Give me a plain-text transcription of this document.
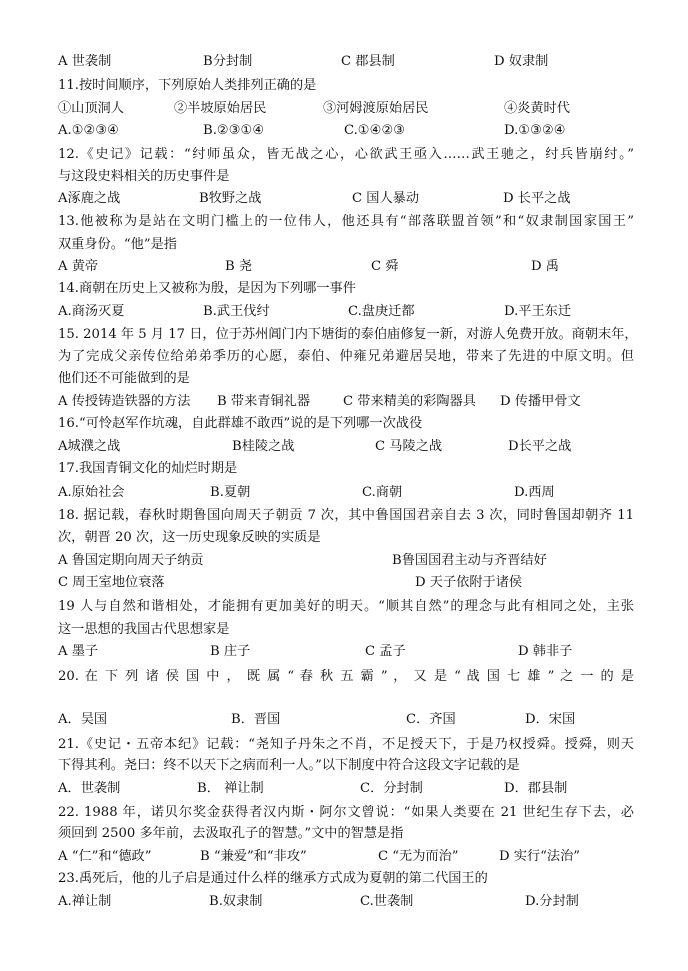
A 世袭制	B分封制	C 郡县制	D 奴隶制
11.按时间顺序，下列原始人类排列正确的是
①山顶洞人	②半坡原始居民	③河姆渡原始居民	④炎黄时代
A.①②③④	B.②③①④	C.①④②③	D.①③②④
12.《史记》记载：“纣师虽众，皆无战之心，心欲武王亟入……武王驰之，纣兵皆崩纣。”
与这段史料相关的历史事件是
A涿鹿之战	B牧野之战	C 国人暴动	D 长平之战
13.他被称为是站在文明门槛上的一位伟人，他还具有“部落联盟首领”和“奴隶制国家国王”
双重身份。“他”是指
A 黄帝	B 尧	C 舜	D 禹
14.商朝在历史上又被称为殷，是因为下列哪一事件
A.商汤灭夏	B.武王伐纣	C.盘庚迁都	D.平王东迁
15. 2014 年 5 月 17 日，位于苏州阊门内下塘街的泰伯庙修复一新，对游人免费开放。商朝末年，
为了完成父亲传位给弟弟季历的心愿，泰伯、仲雍兄弟避居吴地，带来了先进的中原文明。但
他们还不可能做到的是
A 传授铸造铁器的方法 B 带来青铜礼器 C 带来精美的彩陶器具 D 传播甲骨文
16.“可怜赵军作坑魂，自此群雄不敢西”说的是下列哪一次战役
A城濮之战	B桂陵之战	C 马陵之战	D长平之战
17.我国青铜文化的灿烂时期是
A.原始社会	B.夏朝	C.商朝	D.西周
18. 据记载，春秋时期鲁国向周天子朝贡 7 次，其中鲁国国君亲自去 3 次，同时鲁国却朝齐 11
次，朝晋 20 次，这一历史现象反映的实质是
A 鲁国定期向周天子纳贡	B鲁国国君主动与齐晋结好
C 周王室地位衰落	D 天子依附于诸侯
19 人与自然和谐相处，才能拥有更加美好的明天。“顺其自然”的理念与此有相同之处，主张
这一思想的我国古代思想家是
A 墨子	B 庄子	C 孟子	D 韩非子
20. 在 下 列 诸 侯 国 中 ， 既 属 “ 春 秋 五 霸 ” ， 又 是 “ 战 国 七 雄 ” 之 一 的 是
A．吴国	B．晋国	C．齐国	D．宋国
21.《史记・五帝本纪》记载：“尧知子丹朱之不肖，不足授天下，于是乃权授舜。授舜，则天
下得其利。尧曰：终不以天下之病而利一人。”以下制度中符合这段文字记载的是
A．世袭制	B． 禅让制	C．分封制	D．郡县制
22. 1988 年，诺贝尔奖金获得者汉内斯・阿尔文曾说：“如果人类要在 21 世纪生存下去，必
须回到 2500 多年前，去汲取孔子的智慧。”文中的智慧是指
A “仁”和“德政”	B “兼爱”和“非攻”	C “无为而治”	D 实行“法治”
23.禹死后，他的儿子启是通过什么样的继承方式成为夏朝的第二代国王的
A.禅让制	B.奴隶制	C.世袭制	D.分封制
